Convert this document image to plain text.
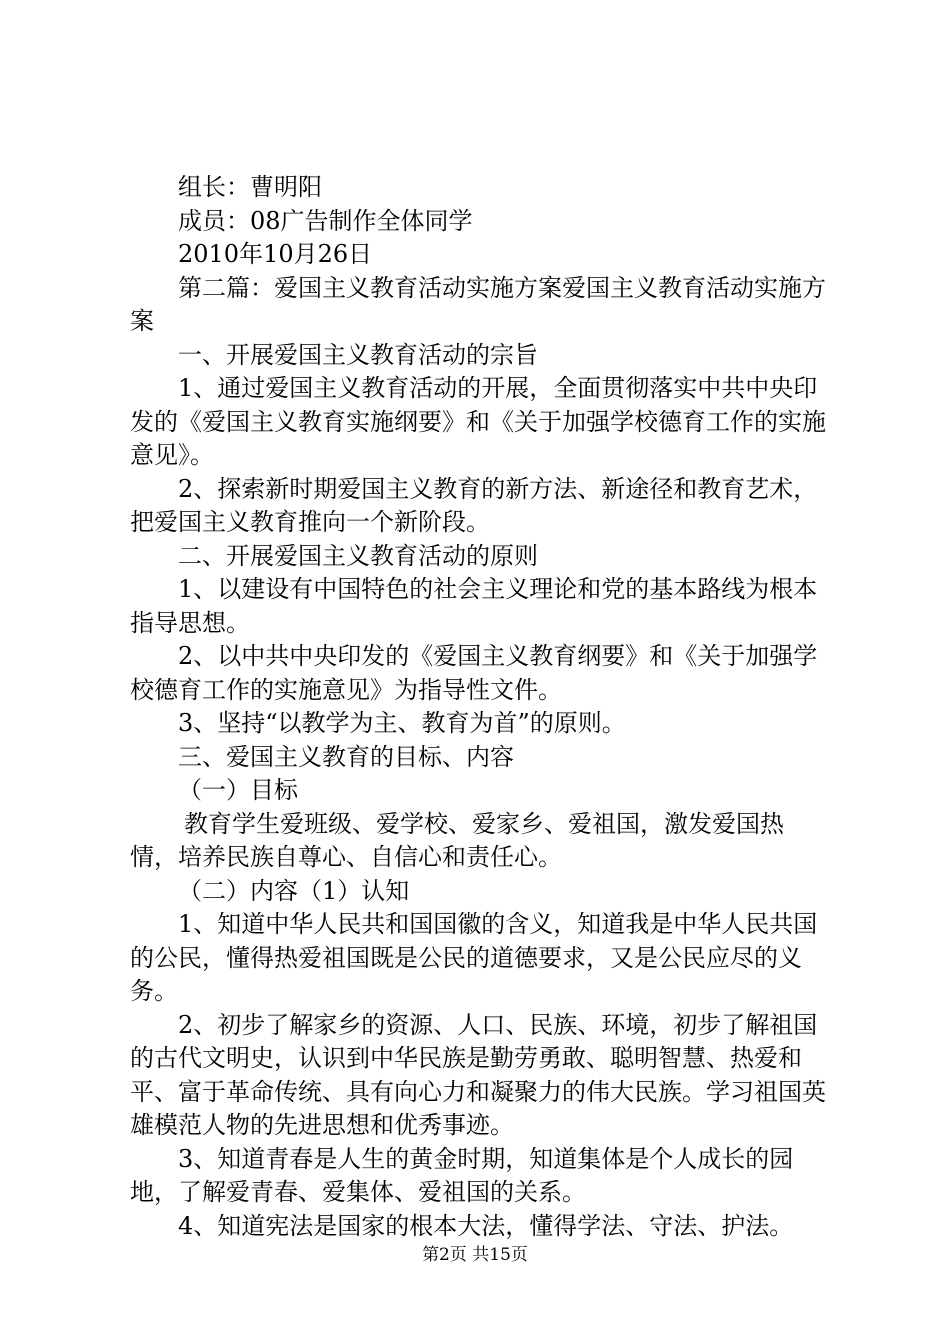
组长：曹明阳

成员：08广告制作全体同学

2010年10月26日

第二篇：爱国主义教育活动实施方案爱国主义教育活动实施方案

一、开展爱国主义教育活动的宗旨

1、通过爱国主义教育活动的开展，全面贯彻落实中共中央印发的《爱国主义教育实施纲要》和《关于加强学校德育工作的实施意见》。

2、探索新时期爱国主义教育的新方法、新途径和教育艺术，把爱国主义教育推向一个新阶段。

二、开展爱国主义教育活动的原则

1、以建设有中国特色的社会主义理论和党的基本路线为根本指导思想。

2、以中共中央印发的《爱国主义教育纲要》和《关于加强学校德育工作的实施意见》为指导性文件。

3、坚持“以教学为主、教育为首”的原则。

三、爱国主义教育的目标、内容

（一）目标

教育学生爱班级、爱学校、爱家乡、爱祖国，激发爱国热情，培养民族自尊心、自信心和责任心。

（二）内容（1）认知

1、知道中华人民共和国国徽的含义，知道我是中华人民共国的公民，懂得热爱祖国既是公民的道德要求，又是公民应尽的义务。

2、初步了解家乡的资源、人口、民族、环境，初步了解祖国的古代文明史，认识到中华民族是勤劳勇敢、聪明智慧、热爱和平、富于革命传统、具有向心力和凝聚力的伟大民族。学习祖国英雄模范人物的先进思想和优秀事迹。

3、知道青春是人生的黄金时期，知道集体是个人成长的园地，了解爱青春、爱集体、爱祖国的关系。

4、知道宪法是国家的根本大法，懂得学法、守法、护法。

第2页 共15页
